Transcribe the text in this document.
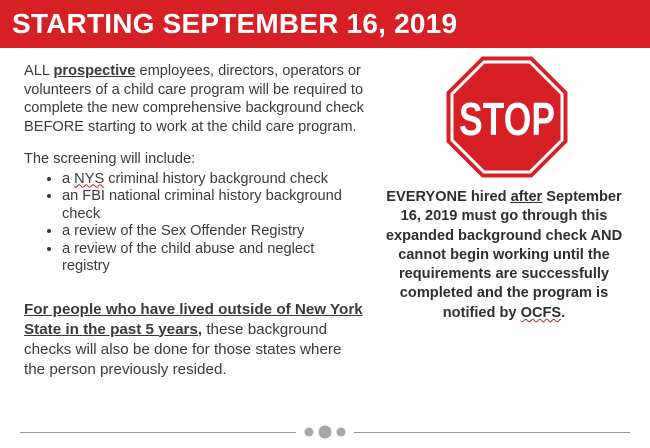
STARTING SEPTEMBER 16, 2019

ALL prospective employees, directors, operators or volunteers of a child care program will be required to complete the new comprehensive background check BEFORE starting to work at the child care program.

The screening will include:

• a NYS criminal history background check
• an FBI national criminal history background check
• a review of the Sex Offender Registry
• a review of the child abuse and neglect registry

For people who have lived outside of New York State in the past 5 years, these background checks will also be done for those states where the person previously resided.

STOP
EVERYONE hired after September 16, 2019 must go through this expanded background check AND cannot begin working until the requirements are successfully completed and the program is notified by OCFS.
